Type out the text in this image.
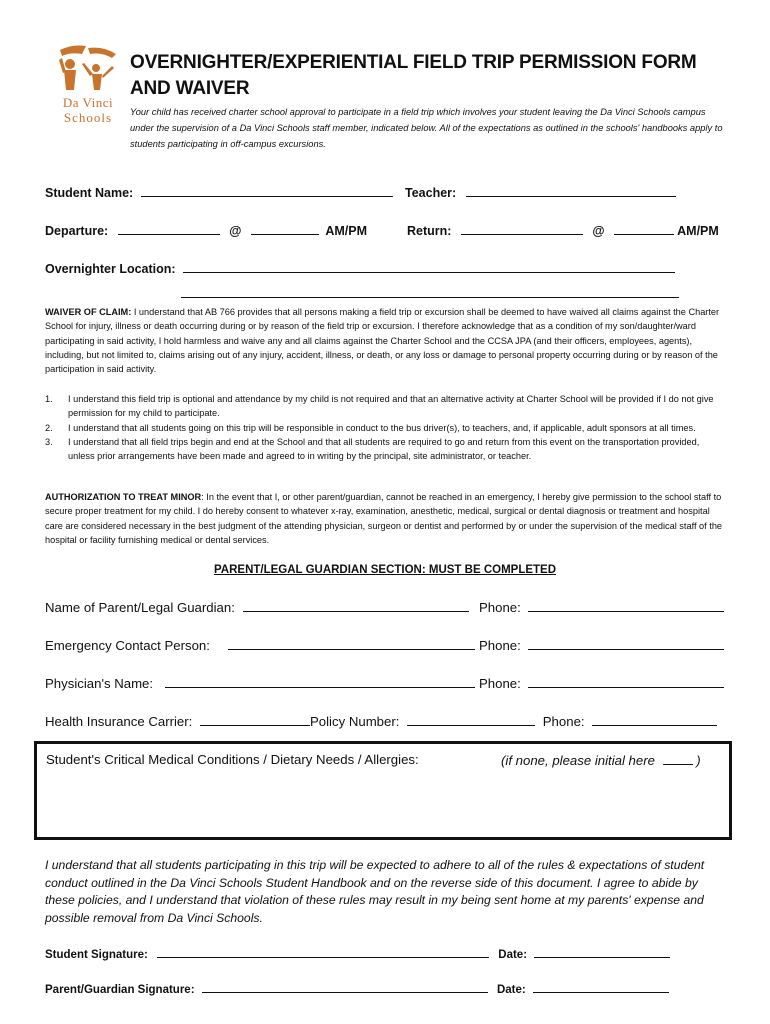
Da Vinci
Schools
OVERNIGHTER/EXPERIENTIAL FIELD TRIP PERMISSION FORM AND WAIVER
Your child has received charter school approval to participate in a field trip which involves your student leaving the Da Vinci Schools campus under the supervision of a Da Vinci Schools staff member, indicated below. All of the expectations as outlined in the schools' handbooks apply to students participating in off-campus excursions.
Student Name:	Teacher:
Departure:	@	AM/PM	Return:	@	AM/PM
Overnighter Location:
WAIVER OF CLAIM: I understand that AB 766 provides that all persons making a field trip or excursion shall be deemed to have waived all claims against the Charter School for injury, illness or death occurring during or by reason of the field trip or excursion. I therefore acknowledge that as a condition of my son/daughter/ward participating in said activity, I hold harmless and waive any and all claims against the Charter School and the CCSA JPA (and their officers, employees, agents), including, but not limited to, claims arising out of any injury, accident, illness, or death, or any loss or damage to personal property occurring during or by reason of the participation in said activity.
1. I understand this field trip is optional and attendance by my child is not required and that an alternative activity at Charter School will be provided if I do not give permission for my child to participate.
2. I understand that all students going on this trip will be responsible in conduct to the bus driver(s), to teachers, and, if applicable, adult sponsors at all times.
3. I understand that all field trips begin and end at the School and that all students are required to go and return from this event on the transportation provided, unless prior arrangements have been made and agreed to in writing by the principal, site administrator, or teacher.
AUTHORIZATION TO TREAT MINOR: In the event that I, or other parent/guardian, cannot be reached in an emergency, I hereby give permission to the school staff to secure proper treatment for my child. I do hereby consent to whatever x-ray, examination, anesthetic, medical, surgical or dental diagnosis or treatment and hospital care are considered necessary in the best judgment of the attending physician, surgeon or dentist and performed by or under the supervision of the medical staff of the hospital or facility furnishing medical or dental services.
PARENT/LEGAL GUARDIAN SECTION: MUST BE COMPLETED
Name of Parent/Legal Guardian:	Phone:
Emergency Contact Person:	Phone:
Physician's Name:	Phone:
Health Insurance Carrier:	Policy Number:	Phone:
Student's Critical Medical Conditions / Dietary Needs / Allergies:	(if none, please initial here	)
I understand that all students participating in this trip will be expected to adhere to all of the rules & expectations of student conduct outlined in the Da Vinci Schools Student Handbook and on the reverse side of this document. I agree to abide by these policies, and I understand that violation of these rules may result in my being sent home at my parents' expense and possible removal from Da Vinci Schools.
Student Signature:	Date:
Parent/Guardian Signature:	Date:
